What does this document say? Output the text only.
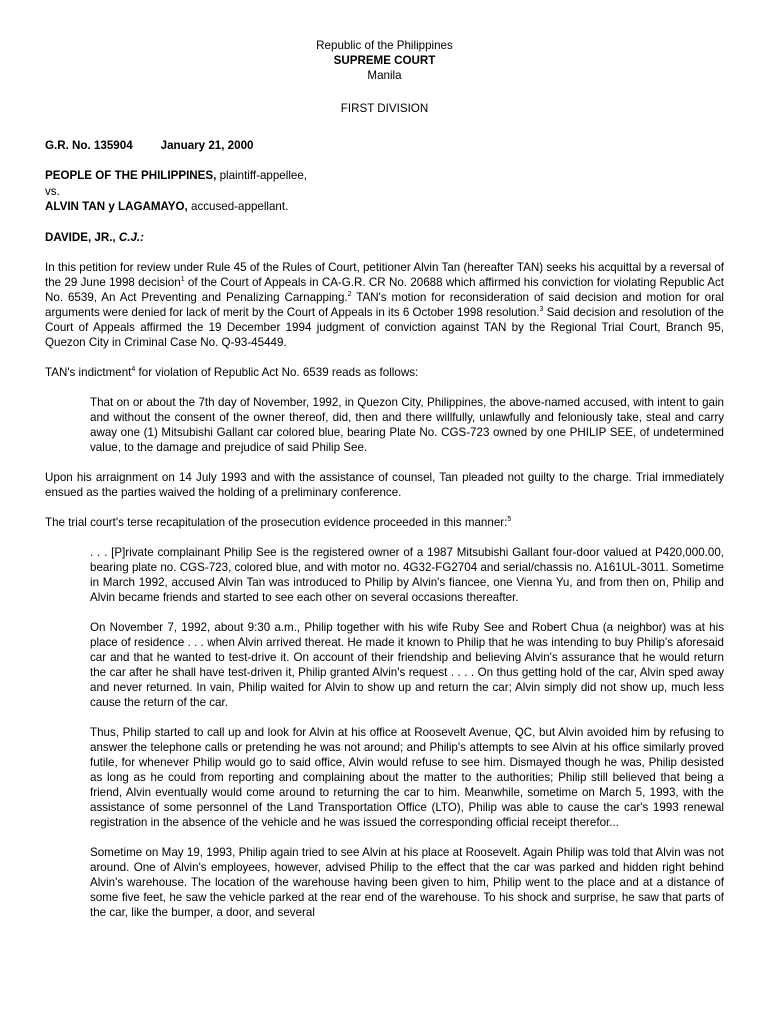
Republic of the Philippines
SUPREME COURT
Manila
FIRST DIVISION
G.R. No. 135904 January 21, 2000
PEOPLE OF THE PHILIPPINES, plaintiff-appellee,
vs.
ALVIN TAN y LAGAMAYO, accused-appellant.
DAVIDE, JR., C.J.:

In this petition for review under Rule 45 of the Rules of Court, petitioner Alvin Tan (hereafter TAN) seeks his acquittal by a reversal of the 29 June 1998 decision$^1$ of the Court of Appeals in CA-G.R. CR No. 20688 which affirmed his conviction for violating Republic Act No. 6539, An Act Preventing and Penalizing Carnapping.$^2$ TAN's motion for reconsideration of said decision and motion for oral arguments were denied for lack of merit by the Court of Appeals in its 6 October 1998 resolution.$^3$ Said decision and resolution of the Court of Appeals affirmed the 19 December 1994 judgment of conviction against TAN by the Regional Trial Court, Branch 95, Quezon City in Criminal Case No. Q-93-45449.

TAN's indictment$^4$ for violation of Republic Act No. 6539 reads as follows:

That on or about the 7th day of November, 1992, in Quezon City, Philippines, the above-named accused, with intent to gain and without the consent of the owner thereof, did, then and there willfully, unlawfully and feloniously take, steal and carry away one (1) Mitsubishi Gallant car colored blue, bearing Plate No. CGS-723 owned by one PHILIP SEE, of undetermined value, to the damage and prejudice of said Philip See.

Upon his arraignment on 14 July 1993 and with the assistance of counsel, Tan pleaded not guilty to the charge. Trial immediately ensued as the parties waived the holding of a preliminary conference.

The trial court's terse recapitulation of the prosecution evidence proceeded in this manner:$^5$

. . . [P]rivate complainant Philip See is the registered owner of a 1987 Mitsubishi Gallant four-door valued at P420,000.00, bearing plate no. CGS-723, colored blue, and with motor no. 4G32-FG2704 and serial/chassis no. A161UL-3011. Sometime in March 1992, accused Alvin Tan was introduced to Philip by Alvin's fiancee, one Vienna Yu, and from then on, Philip and Alvin became friends and started to see each other on several occasions thereafter.

On November 7, 1992, about 9:30 a.m., Philip together with his wife Ruby See and Robert Chua (a neighbor) was at his place of residence . . . when Alvin arrived thereat. He made it known to Philip that he was intending to buy Philip's aforesaid car and that he wanted to test-drive it. On account of their friendship and believing Alvin's assurance that he would return the car after he shall have test-driven it, Philip granted Alvin's request . . . . On thus getting hold of the car, Alvin sped away and never returned. In vain, Philip waited for Alvin to show up and return the car; Alvin simply did not show up, much less cause the return of the car.

Thus, Philip started to call up and look for Alvin at his office at Roosevelt Avenue, QC, but Alvin avoided him by refusing to answer the telephone calls or pretending he was not around; and Philip's attempts to see Alvin at his office similarly proved futile, for whenever Philip would go to said office, Alvin would refuse to see him. Dismayed though he was, Philip desisted as long as he could from reporting and complaining about the matter to the authorities; Philip still believed that being a friend, Alvin eventually would come around to returning the car to him. Meanwhile, sometime on March 5, 1993, with the assistance of some personnel of the Land Transportation Office (LTO), Philip was able to cause the car's 1993 renewal registration in the absence of the vehicle and he was issued the corresponding official receipt therefor...

Sometime on May 19, 1993, Philip again tried to see Alvin at his place at Roosevelt. Again Philip was told that Alvin was not around. One of Alvin's employees, however, advised Philip to the effect that the car was parked and hidden right behind Alvin's warehouse. The location of the warehouse having been given to him, Philip went to the place and at a distance of some five feet, he saw the vehicle parked at the rear end of the warehouse. To his shock and surprise, he saw that parts of the car, like the bumper, a door, and several
